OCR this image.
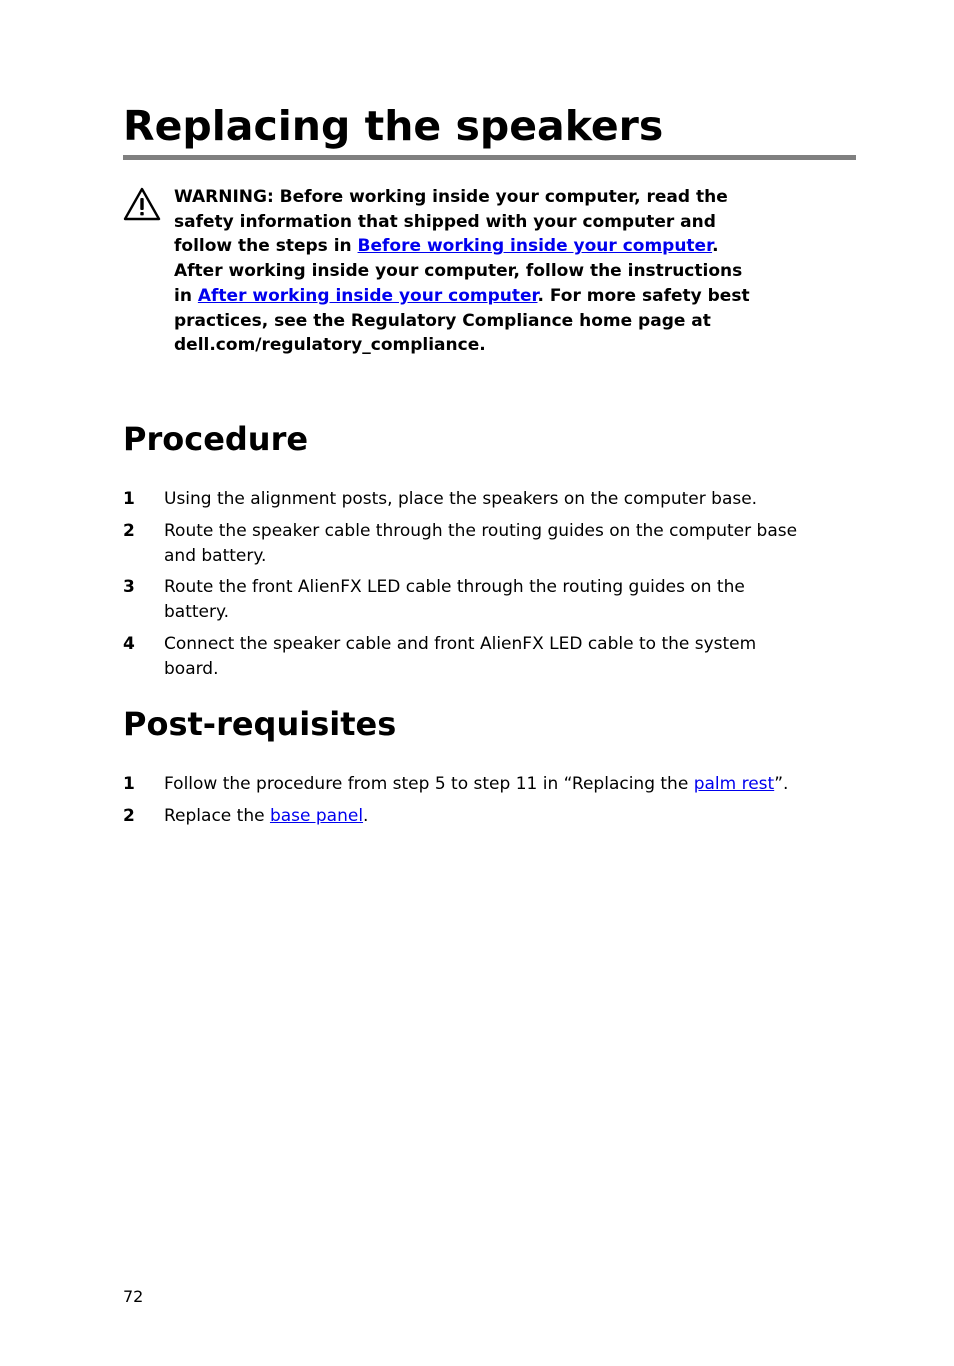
Replacing the speakers
WARNING: Before working inside your computer, read the
safety information that shipped with your computer and
follow the steps in Before working inside your computer.
After working inside your computer, follow the instructions
in After working inside your computer. For more safety best
practices, see the Regulatory Compliance home page at
dell.com/regulatory_compliance.
Procedure
1 Using the alignment posts, place the speakers on the computer base.
2 Route the speaker cable through the routing guides on the computer base
and battery.
3 Route the front AlienFX LED cable through the routing guides on the
battery.
4 Connect the speaker cable and front AlienFX LED cable to the system
board.
Post-requisites
1 Follow the procedure from step 5 to step 11 in “Replacing the palm rest”.
2 Replace the base panel.
72
